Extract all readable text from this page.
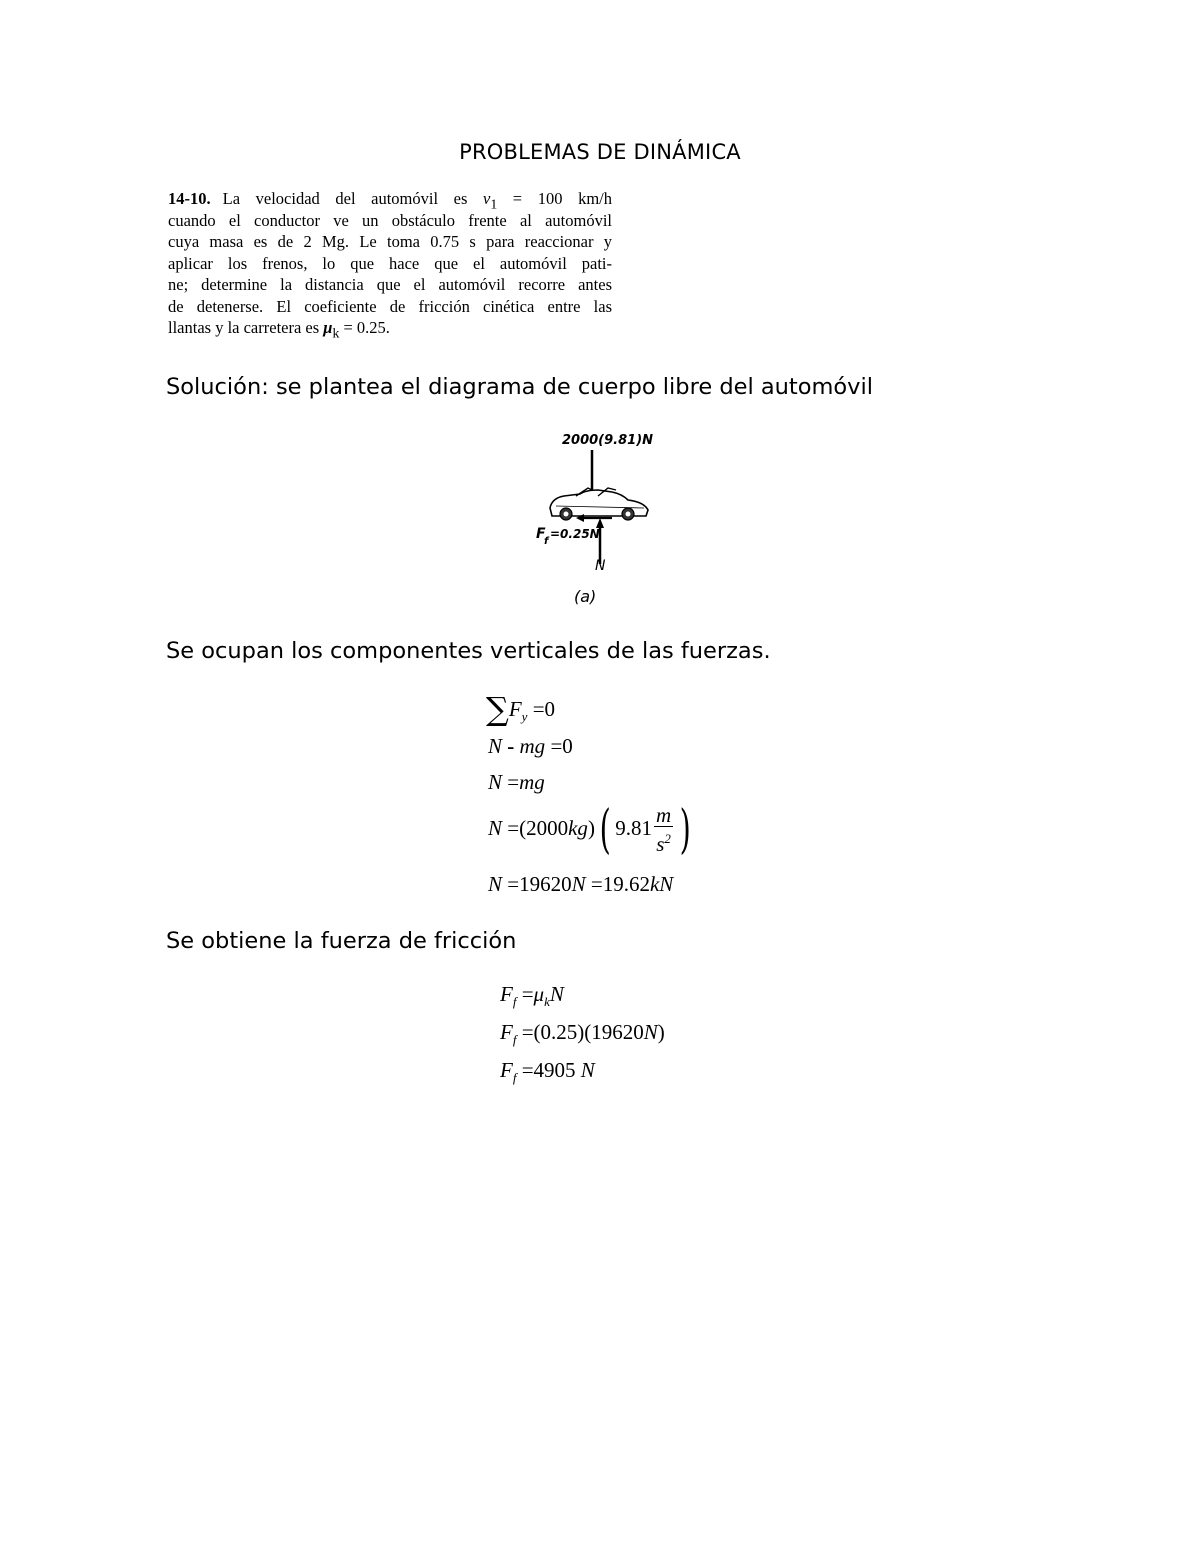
PROBLEMAS DE DINÁMICA
14-10. La velocidad del automóvil es $v_1 = 100$ km/h
cuando el conductor ve un obstáculo frente al automóvil
cuya masa es de 2 Mg. Le toma 0.75 s para reaccionar y
aplicar los frenos, lo que hace que el automóvil pati-
ne; determine la distancia que el automóvil recorre antes
de detenerse. El coeficiente de fricción cinética entre las
llantas y la carretera es $\mu_k = 0.25$.
Solución: se plantea el diagrama de cuerpo libre del automóvil
2000(9.81)N
F
f
=0.25N
N
(a)
Se ocupan los componentes verticales de las fuerzas.
$\sum F_y =0$
N - mg =0
N =mg
N =(2000kg)( $9.81 \frac{m}{s^2}$ )
N =19620N =19.62kN
Se obtiene la fuerza de fricción
$F_f =\mu_kN$
$F_f =(0.25)(19620N)$
$F_f =4905$ N
